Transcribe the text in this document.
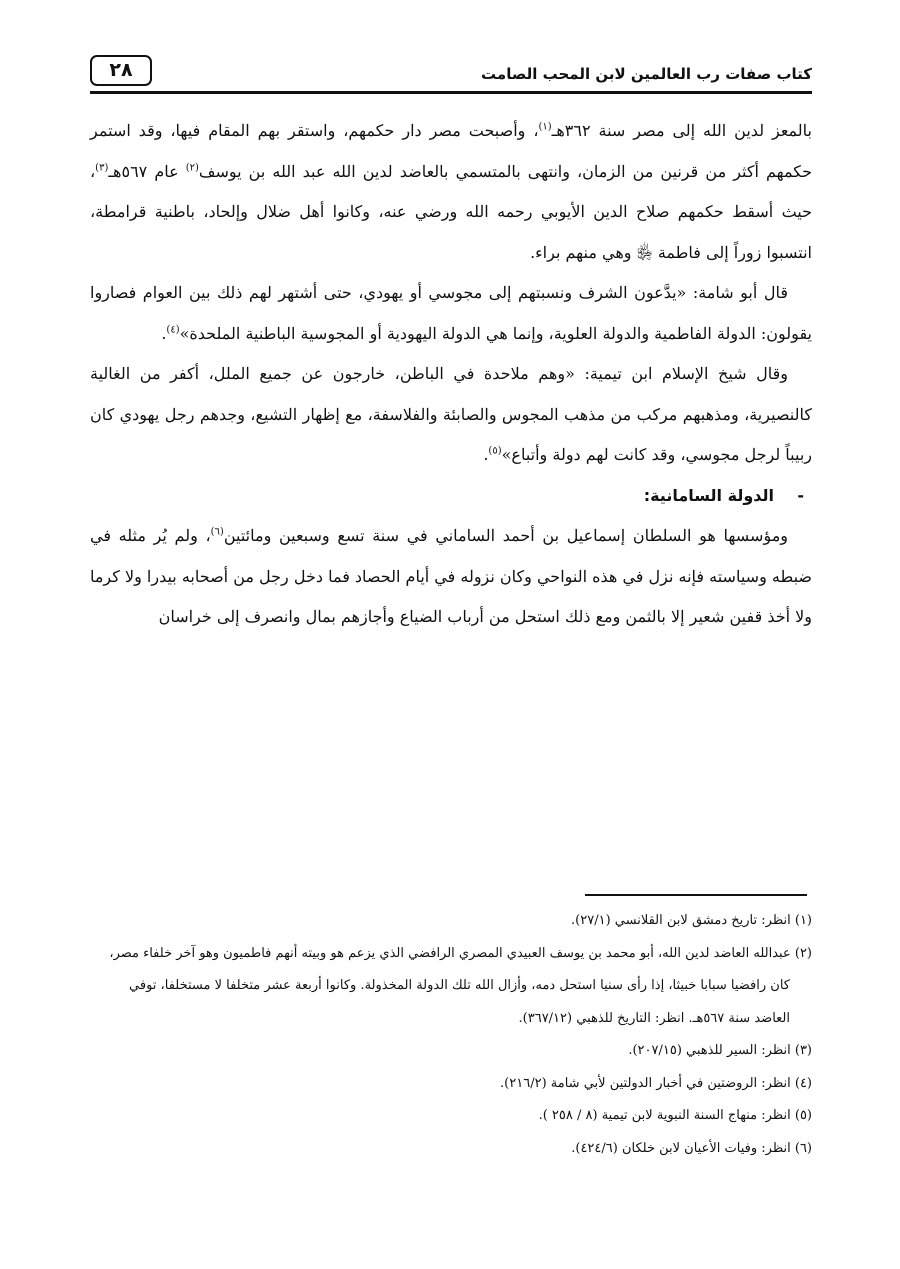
كتاب صفات رب العالمين لابن المحب الصامت
٢٨

بالمعز لدين الله إلى مصر سنة ٣٦٢هـ$^{(١)}$، وأصبحت مصر دار حكمهم، واستقر بهم المقام فيها، وقد استمر حكمهم أكثر من قرنين من الزمان، وانتهى بالمتسمي بالعاضد لدين الله عبد الله بن يوسف$^{(٢)}$ عام ٥٦٧هـ$^{(٣)}$، حيث أسقط حكمهم صلاح الدين الأيوبي رحمه الله ورضي عنه، وكانوا أهل ضلال وإلحاد، باطنية قرامطة، انتسبوا زوراً إلى فاطمة ﵂ وهي منهم براء.

قال أبو شامة: «يدَّعون الشرف ونسبتهم إلى مجوسي أو يهودي، حتى أشتهر لهم ذلك بين العوام فصاروا يقولون: الدولة الفاطمية والدولة العلوية، وإنما هي الدولة اليهودية أو المجوسية الباطنية الملحدة»$^{(٤)}$.

وقال شيخ الإسلام ابن تيمية: «وهم ملاحدة في الباطن، خارجون عن جميع الملل، أكفر من الغالية كالنصيرية، ومذهبهم مركب من مذهب المجوس والصابئة والفلاسفة، مع إظهار التشيع، وجدهم رجل يهودي كان ربيباً لرجل مجوسي، وقد كانت لهم دولة وأتباع»$^{(٥)}$.

-الدولة السامانية:

ومؤسسها هو السلطان إسماعيل بن أحمد الساماني في سنة تسع وسبعين ومائتين$^{(٦)}$، ولم يُر مثله في ضبطه وسياسته فإنه نزل في هذه النواحي وكان نزوله في أيام الحصاد فما دخل رجل من أصحابه بيدرا ولا كرما ولا أخذ قفين شعير إلا بالثمن ومع ذلك استحل من أرباب الضياع وأجازهم بمال وانصرف إلى خراسان

(١) انظر: تاريخ دمشق لابن القلانسي (٢٧/١).

(٢) عبدالله العاضد لدين الله، أبو محمد بن يوسف العبيدي المصري الرافضي الذي يزعم هو وبيته أنهم فاطميون وهو آخر خلفاء مصر،

كان رافضيا سبابا خبيثا، إذا رأى سنيا استحل دمه، وأزال الله تلك الدولة المخذولة. وكانوا أربعة عشر متخلفا لا مستخلفا، توفي

العاضد سنة ٥٦٧هـ. انظر: التاريخ للذهبي (٣٦٧/١٢).

(٣) انظر: السير للذهبي (٢٠٧/١٥).

(٤) انظر: الروضتين في أخبار الدولتين لأبي شامة (٢١٦/٢).

(٥) انظر: منهاج السنة النبوية لابن تيمية (٨ / ٢٥٨ ).

(٦) انظر: وفيات الأعيان لابن خلكان (٤٢٤/٦).
